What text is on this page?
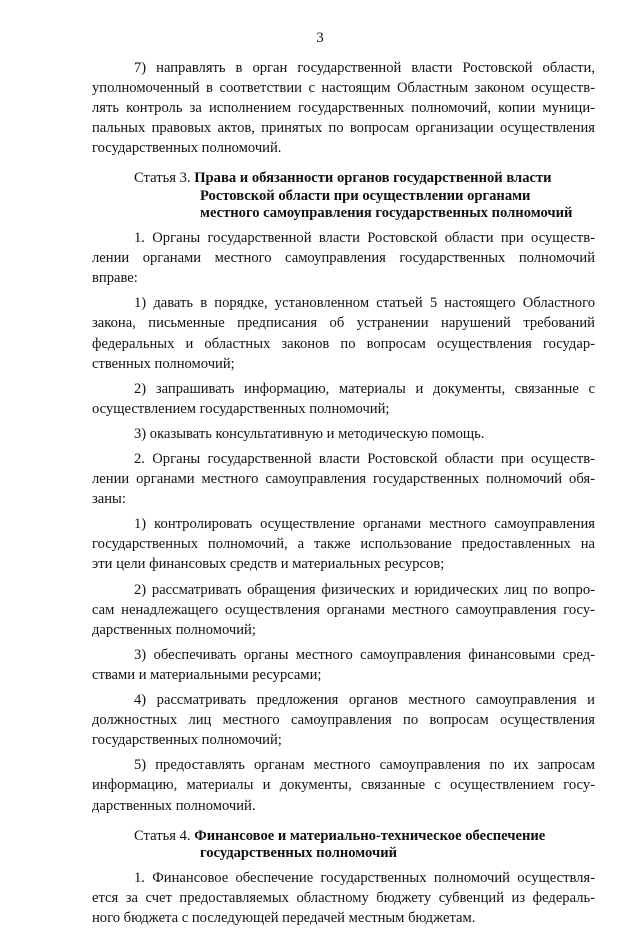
3
7) направлять в орган государственной власти Ростовской области,
уполномоченный в соответствии с настоящим Областным законом осуществ-
лять контроль за исполнением государственных полномочий, копии муници-
пальных правовых актов, принятых по вопросам организации осуществления
государственных полномочий.
Статья 3. Права и обязанности органов государственной власти
Ростовской области при осуществлении органами
местного самоуправления государственных полномочий
1. Органы государственной власти Ростовской области при осуществ-
лении органами местного самоуправления государственных полномочий
вправе:
1) давать в порядке, установленном статьей 5 настоящего Областного
закона, письменные предписания об устранении нарушений требований
федеральных и областных законов по вопросам осуществления государ-
ственных полномочий;
2) запрашивать информацию, материалы и документы, связанные с
осуществлением государственных полномочий;
3) оказывать консультативную и методическую помощь.
2. Органы государственной власти Ростовской области при осуществ-
лении органами местного самоуправления государственных полномочий обя-
заны:
1) контролировать осуществление органами местного самоуправления
государственных полномочий, а также использование предоставленных на
эти цели финансовых средств и материальных ресурсов;
2) рассматривать обращения физических и юридических лиц по вопро-
сам ненадлежащего осуществления органами местного самоуправления госу-
дарственных полномочий;
3) обеспечивать органы местного самоуправления финансовыми сред-
ствами и материальными ресурсами;
4) рассматривать предложения органов местного самоуправления и
должностных лиц местного самоуправления по вопросам осуществления
государственных полномочий;
5) предоставлять органам местного самоуправления по их запросам
информацию, материалы и документы, связанные с осуществлением госу-
дарственных полномочий.
Статья 4. Финансовое и материально-техническое обеспечение
государственных полномочий
1. Финансовое обеспечение государственных полномочий осуществля-
ется за счет предоставляемых областному бюджету субвенций из федераль-
ного бюджета с последующей передачей местным бюджетам.
